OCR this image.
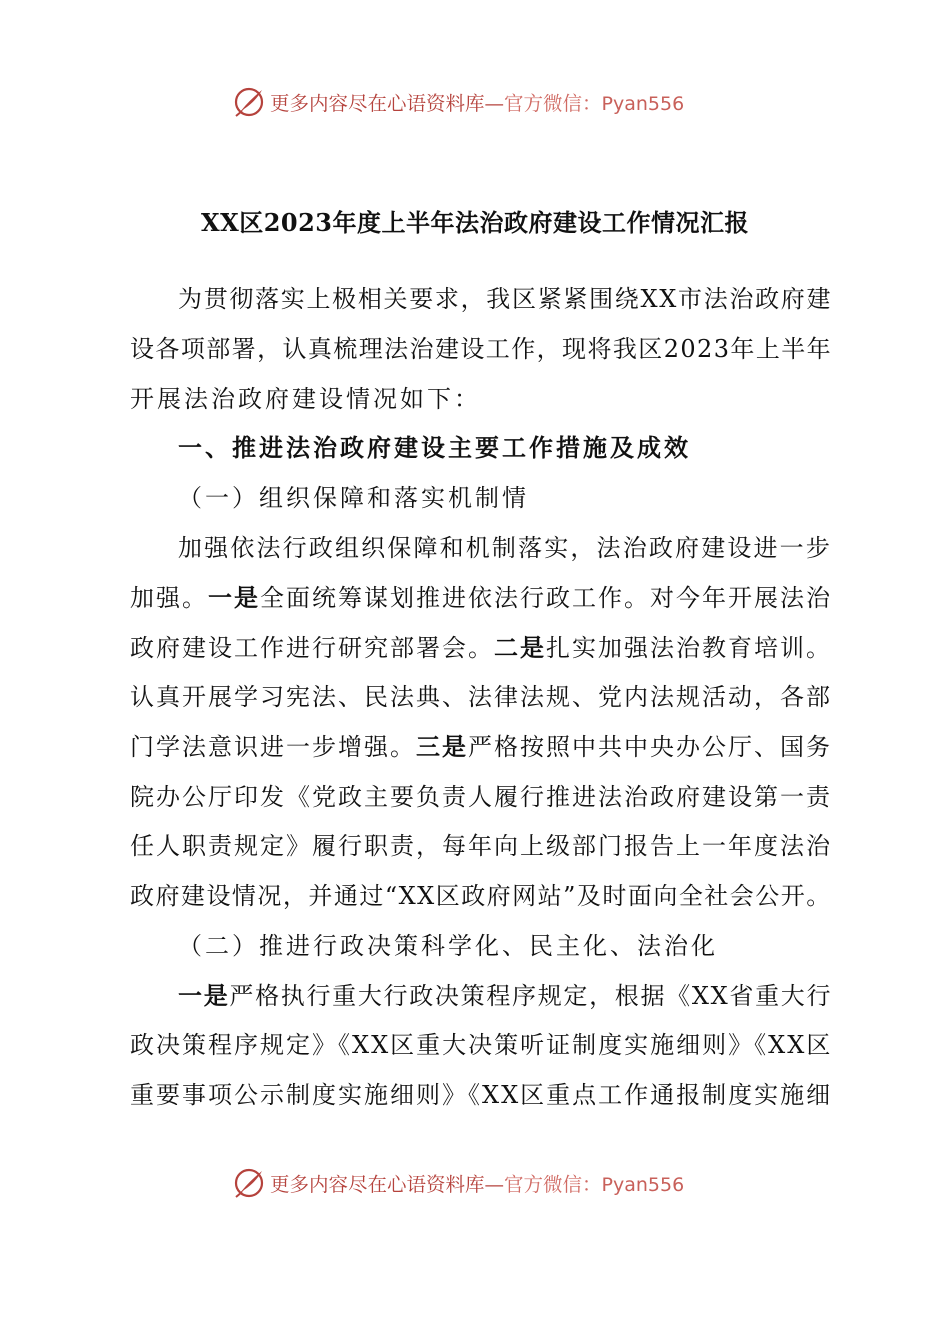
更多内容尽在心语资料库—官方微信：Pyan556
XX区2023年度上半年法治政府建设工作情况汇报
为贯彻落实上极相关要求，我区紧紧围绕XX市法治政府建
设各项部署，认真梳理法治建设工作，现将我区2023年上半年
开展法治政府建设情况如下：
一、推进法治政府建设主要工作措施及成效
（一）组织保障和落实机制情
加强依法行政组织保障和机制落实，法治政府建设进一步
加强。一是全面统筹谋划推进依法行政工作。对今年开展法治
政府建设工作进行研究部署会。二是扎实加强法治教育培训。
认真开展学习宪法、民法典、法律法规、党内法规活动，各部
门学法意识进一步增强。三是严格按照中共中央办公厅、国务
院办公厅印发《党政主要负责人履行推进法治政府建设第一责
任人职责规定》履行职责，每年向上级部门报告上一年度法治
政府建设情况，并通过“XX区政府网站”及时面向全社会公开。
（二）推进行政决策科学化、民主化、法治化
一是严格执行重大行政决策程序规定，根据《XX省重大行
政决策程序规定》《XX区重大决策听证制度实施细则》《XX区
重要事项公示制度实施细则》《XX区重点工作通报制度实施细
更多内容尽在心语资料库—官方微信：Pyan556
